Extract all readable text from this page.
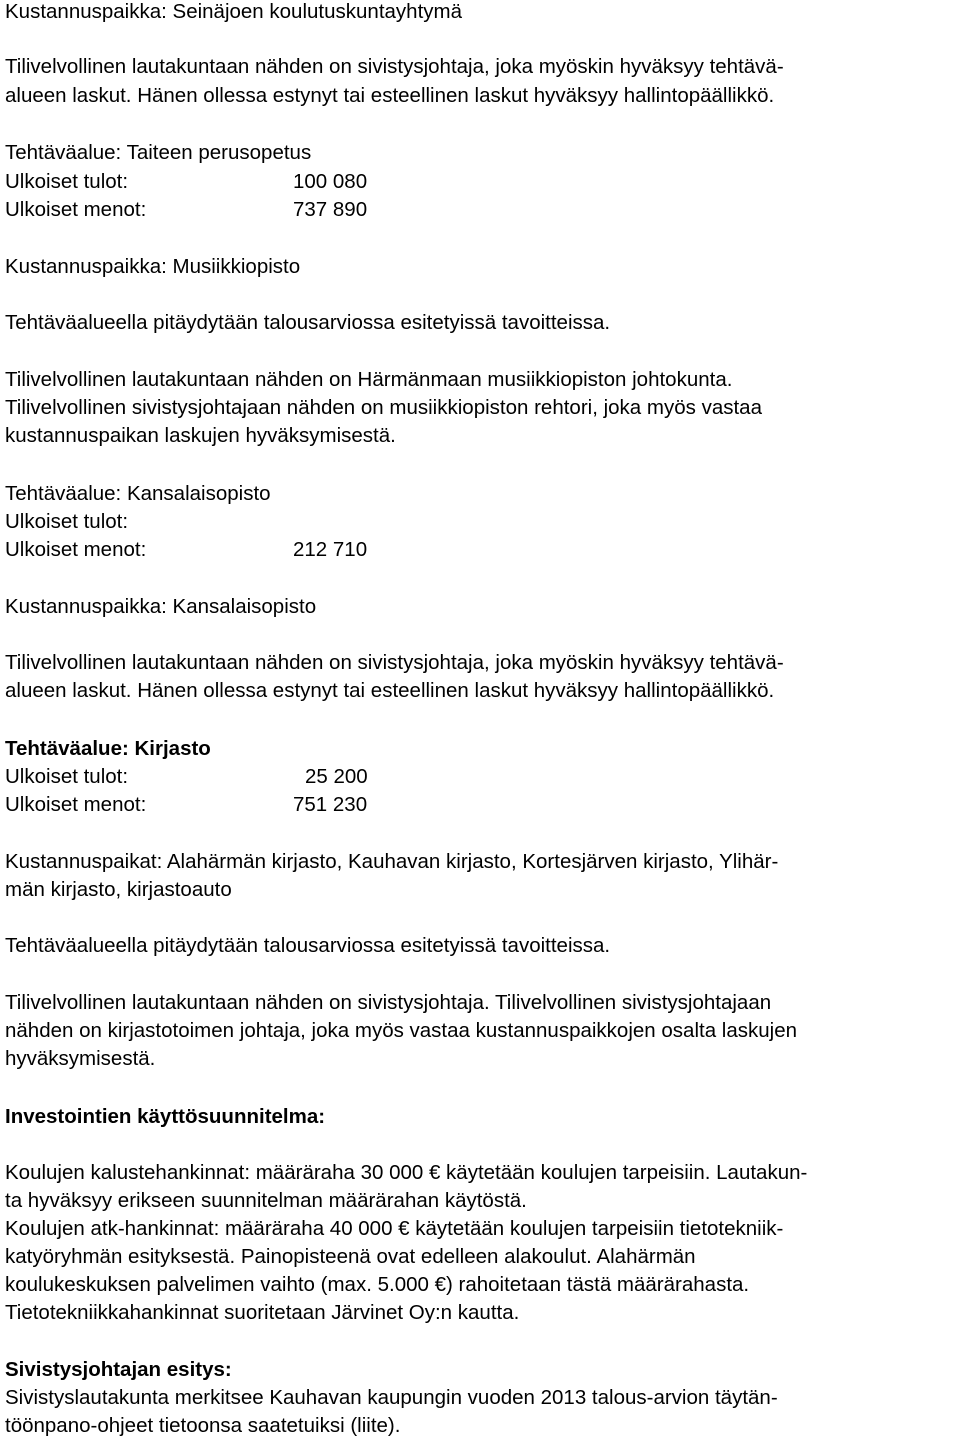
Kustannuspaikka: Seinäjoen koulutuskuntayhtymä
Tilivelvollinen lautakuntaan nähden on sivistysjohtaja, joka myöskin hyväksyy tehtävä-
alueen laskut. Hänen ollessa estynyt tai esteellinen laskut hyväksyy hallintopäällikkö.
Tehtäväalue: Taiteen perusopetus
Ulkoiset tulot:	100 080
Ulkoiset menot:	737 890
Kustannuspaikka: Musiikkiopisto
Tehtäväalueella pitäydytään talousarviossa esitetyissä tavoitteissa.
Tilivelvollinen lautakuntaan nähden on Härmänmaan musiikkiopiston johtokunta.
Tilivelvollinen sivistysjohtajaan nähden on musiikkiopiston rehtori, joka myös vastaa
kustannuspaikan laskujen hyväksymisestä.
Tehtäväalue: Kansalaisopisto
Ulkoiset tulot:
Ulkoiset menot:	212 710
Kustannuspaikka: Kansalaisopisto
Tilivelvollinen lautakuntaan nähden on sivistysjohtaja, joka myöskin hyväksyy tehtävä-
alueen laskut. Hänen ollessa estynyt tai esteellinen laskut hyväksyy hallintopäällikkö.
Tehtäväalue: Kirjasto
Ulkoiset tulot:	25 200
Ulkoiset menot:	751 230
Kustannuspaikat: Alahärmän kirjasto, Kauhavan kirjasto, Kortesjärven kirjasto, Ylihär-
män kirjasto, kirjastoauto
Tehtäväalueella pitäydytään talousarviossa esitetyissä tavoitteissa.
Tilivelvollinen lautakuntaan nähden on sivistysjohtaja. Tilivelvollinen sivistysjohtajaan
nähden on kirjastotoimen johtaja, joka myös vastaa kustannuspaikkojen osalta laskujen
hyväksymisestä.
Investointien käyttösuunnitelma:
Koulujen kalustehankinnat: määräraha 30 000 € käytetään koulujen tarpeisiin. Lautakun-
ta hyväksyy erikseen suunnitelman määrärahan käytöstä.
Koulujen atk-hankinnat: määräraha 40 000 € käytetään koulujen tarpeisiin tietotekniik-
katyöryhmän esityksestä. Painopisteenä ovat edelleen alakoulut. Alahärmän
koulukeskuksen palvelimen vaihto (max. 5.000 €) rahoitetaan tästä määrärahasta.
Tietotekniikkahankinnat suoritetaan Järvinet Oy:n kautta.
Sivistysjohtajan esitys:
Sivistyslautakunta merkitsee Kauhavan kaupungin vuoden 2013 talous-arvion täytän-
töönpano-ohjeet tietoonsa saatetuiksi (liite).
